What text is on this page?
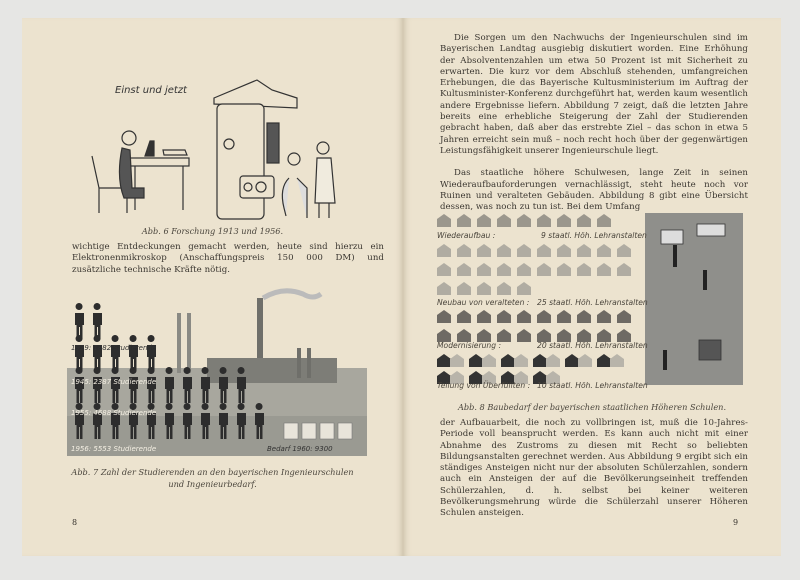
Einst und jetzt
Abb. 6 Forschung 1913 und 1956.
wichtige Entdeckungen gemacht werden, heute sind hierzu ein Elektronenmikroskop (Anschaffungspreis 150 000 DM) und zusätzliche technische Kräfte nötig.
1929: 1882 Studierende
1945: 2387 Studierende
1955: 4688 Studierende
1956: 5553 Studierende	Bedarf 1960: 9300
Abb. 7 Zahl der Studierenden an den bayerischen Ingenieurschulen
und Ingenieurbedarf.
8

Die Sorgen um den Nachwuchs der Ingenieurschulen sind im Bayerischen Landtag ausgiebig diskutiert worden. Eine Erhöhung der Absolventenzahlen um etwa 50 Prozent ist mit Sicherheit zu erwarten. Die kurz vor dem Abschluß stehenden, umfangreichen Erhebungen, die das Bayerische Kultusministerium im Auftrag der Kultusminister-Konferenz durchgeführt hat, werden kaum wesentlich andere Ergebnisse liefern. Abbildung 7 zeigt, daß die letzten Jahre bereits eine erhebliche Steigerung der Zahl der Studierenden gebracht haben, daß aber das erstrebte Ziel – das schon in etwa 5 Jahren erreicht sein muß – noch recht hoch über der gegenwärtigen Leistungsfähigkeit unserer Ingenieurschule liegt.

Das staatliche höhere Schulwesen, lange Zeit in seinen Wiederaufbauforderungen vernachlässigt, steht heute noch vor Ruinen und veralteten Gebäuden. Abbildung 8 gibt eine Übersicht dessen, was noch zu tun ist. Bei dem Umfang

Wiederaufbau :	9 staatl. Höh. Lehranstalten
Neubau von veralteten : 25 staatl. Höh. Lehranstalten
Modernisierung :	20 staatl. Höh. Lehranstalten
Teilung von Überfüllten : 10 staatl. Höh. Lehranstalten
Abb. 8 Baubedarf der bayerischen staatlichen Höheren Schulen.
der Aufbauarbeit, die noch zu vollbringen ist, muß die 10-Jahres-Periode voll beansprucht werden. Es kann auch nicht mit einer Abnahme des Zustroms zu diesen mit Recht so beliebten Bildungsanstalten gerechnet werden. Aus Abbildung 9 ergibt sich ein ständiges Ansteigen nicht nur der absoluten Schülerzahlen, sondern auch ein Ansteigen der auf die Bevölkerungseinheit treffenden Schülerzahlen, d. h. selbst bei keiner weiteren Bevölkerungsmehrung würde die Schülerzahl unserer Höheren Schulen ansteigen.
9
